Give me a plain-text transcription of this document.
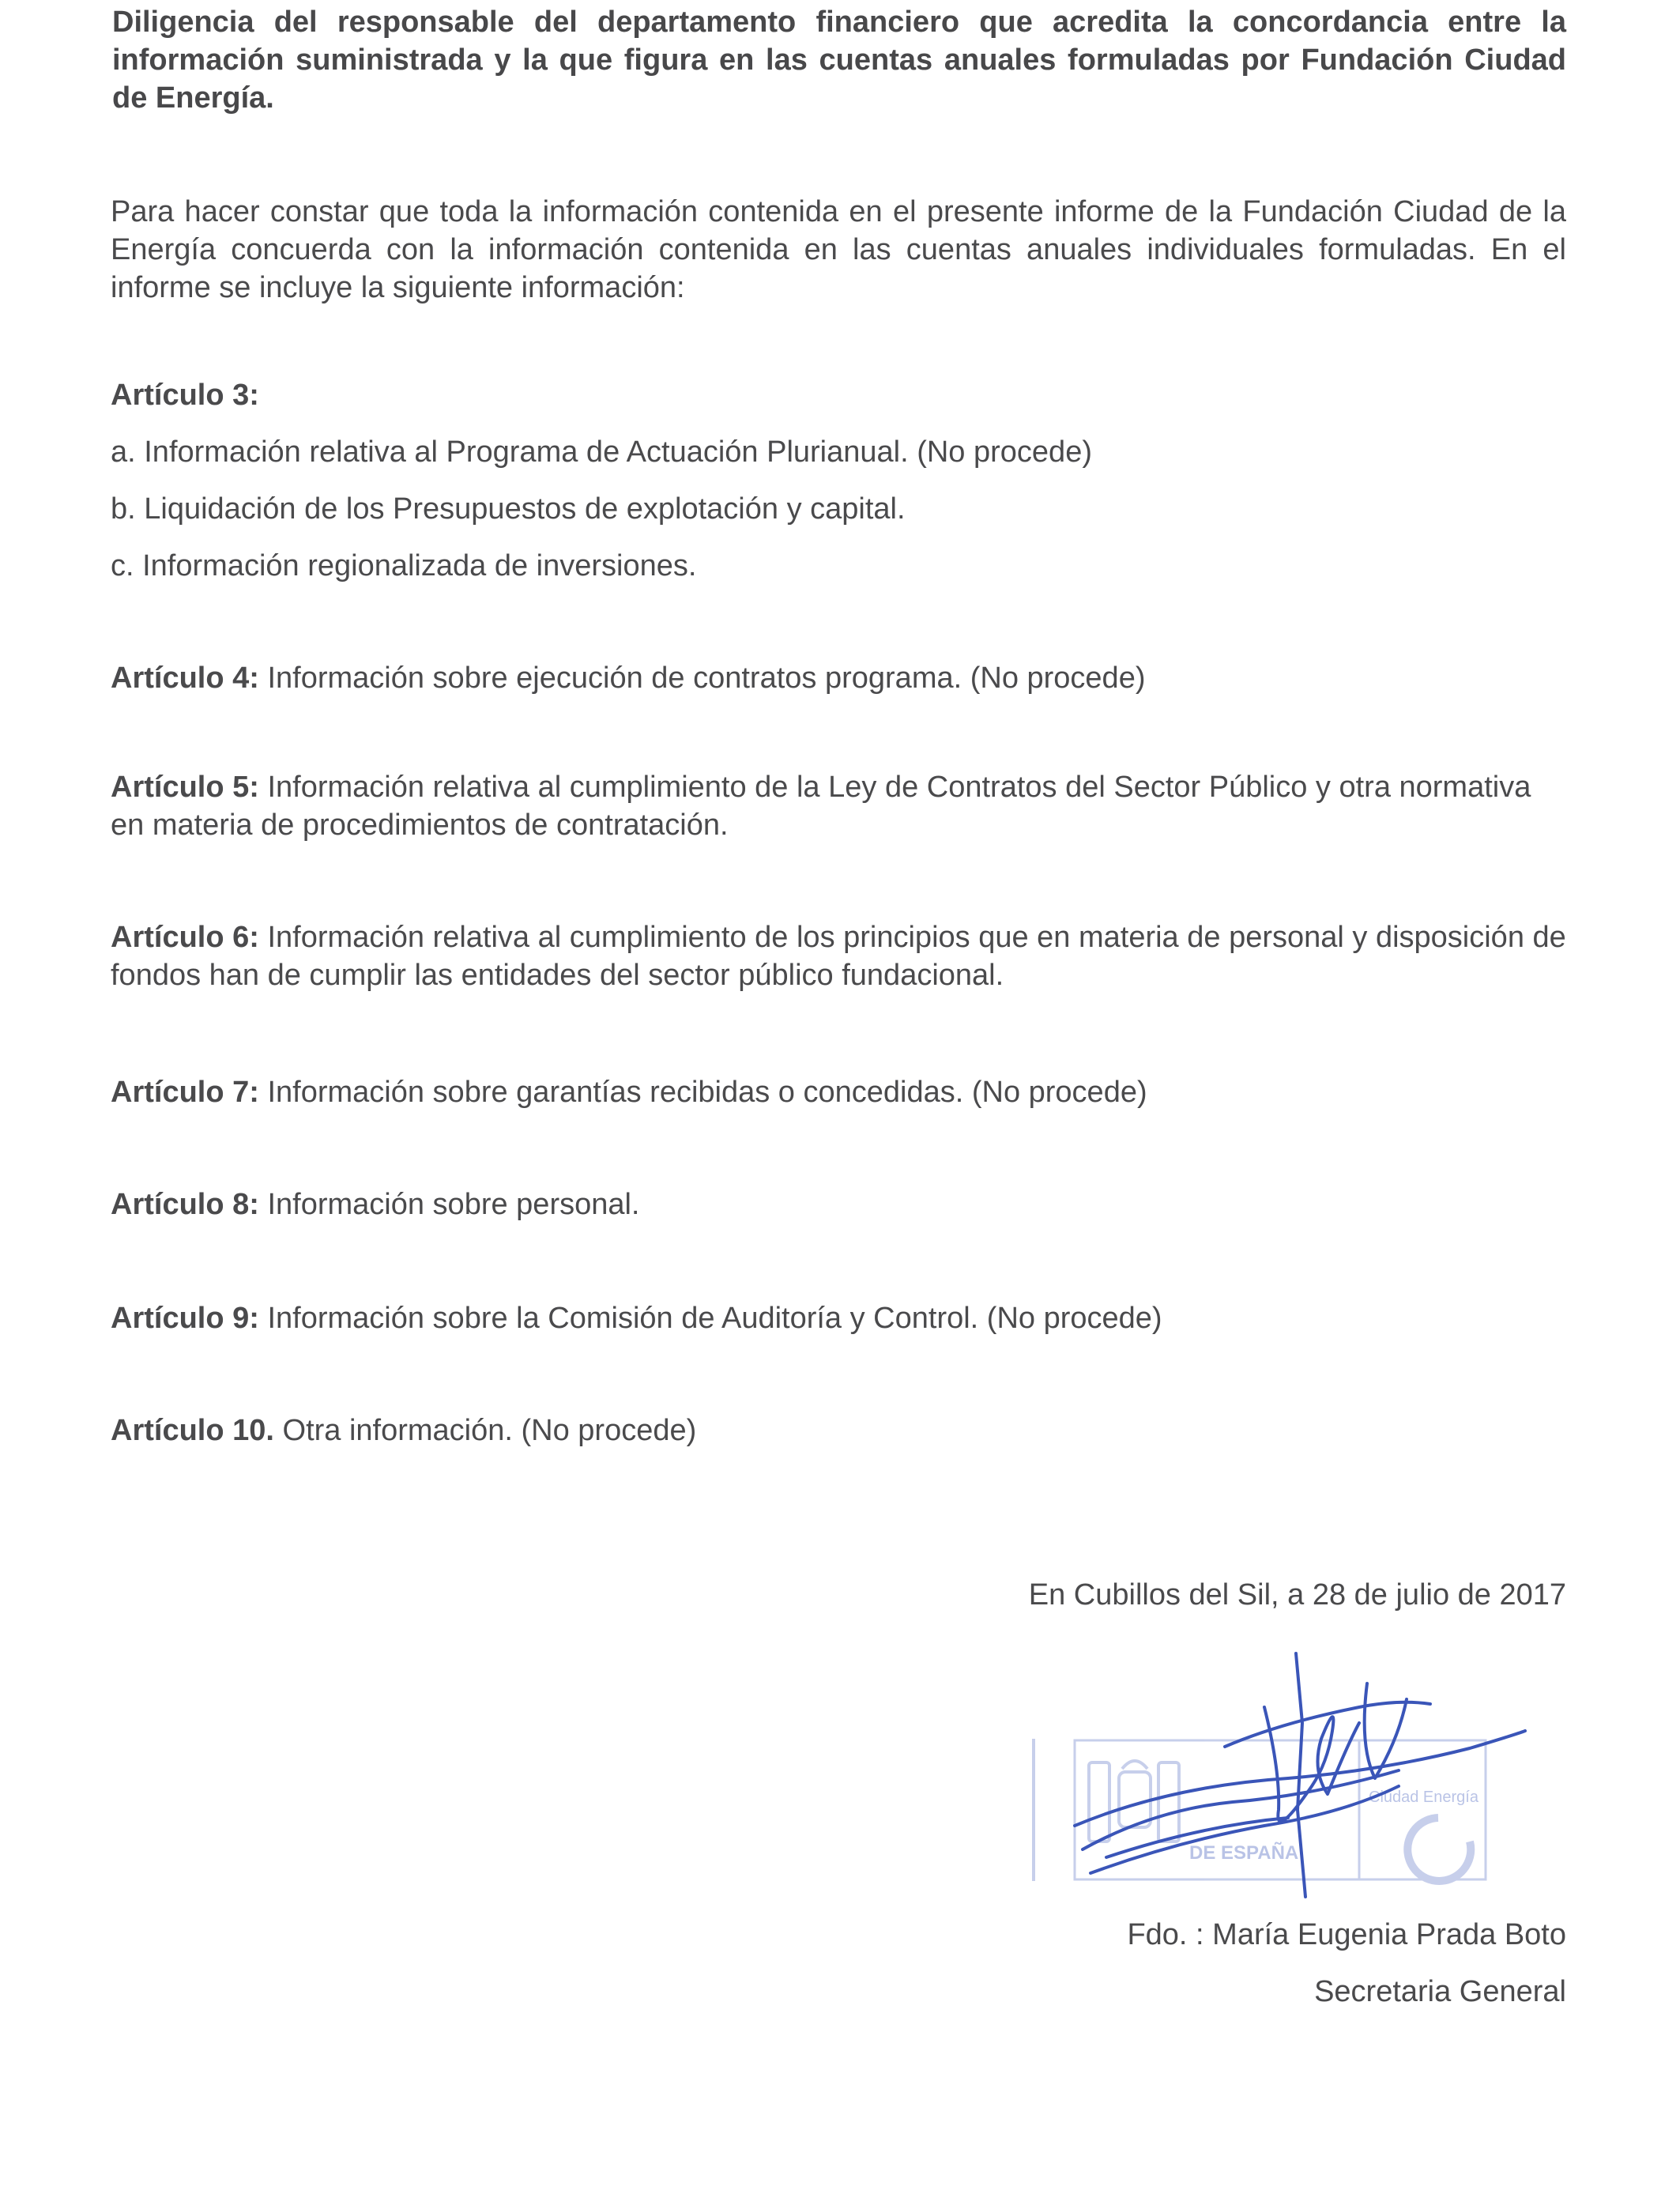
Diligencia del responsable del departamento financiero que acredita la concordancia entre la información suministrada y la que figura en las cuentas anuales formuladas por Fundación Ciudad de Energía.
Para hacer constar que toda la información contenida en el presente informe de la Fundación Ciudad de la Energía concuerda con la información contenida en las cuentas anuales individuales formuladas. En el informe se incluye la siguiente información:
Artículo 3:
a. Información relativa al Programa de Actuación Plurianual. (No procede)
b. Liquidación de los Presupuestos de explotación y capital.
c. Información regionalizada de inversiones.
Artículo 4: Información sobre ejecución de contratos programa. (No procede)
Artículo 5: Información relativa al cumplimiento de la Ley de Contratos del Sector Público y otra normativa en materia de procedimientos de contratación.
Artículo 6: Información relativa al cumplimiento de los principios que en materia de personal y disposición de fondos han de cumplir las entidades del sector público fundacional.
Artículo 7: Información sobre garantías recibidas o concedidas. (No procede)
Artículo 8: Información sobre personal.
Artículo 9: Información sobre la Comisión de Auditoría y Control. (No procede)
Artículo 10. Otra información. (No procede)
En Cubillos del Sil, a 28 de julio de 2017
DE ESPAÑA
Ciudad Energía
Fdo. : María Eugenia Prada Boto
Secretaria General
